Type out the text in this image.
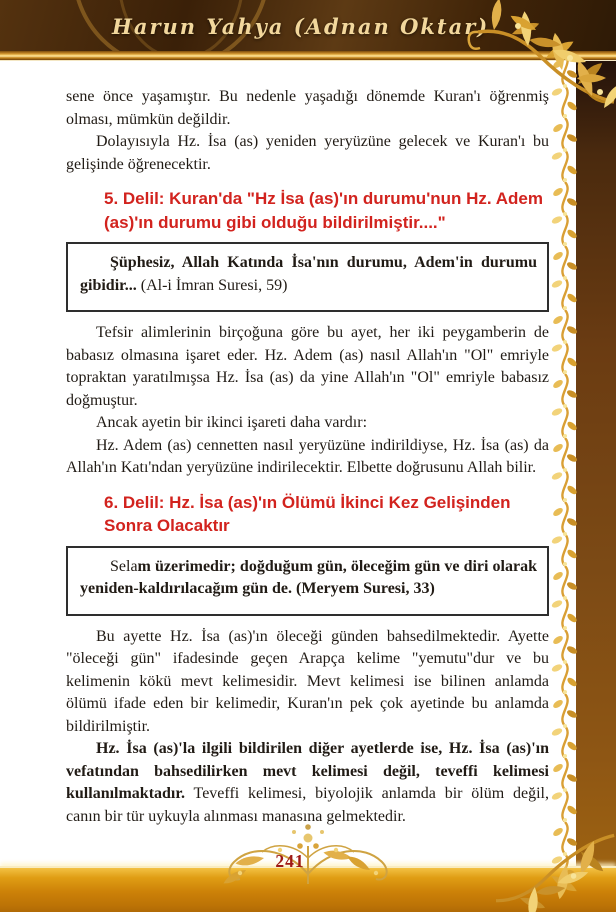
Harun Yahya (Adnan Oktar)
241

sene önce yaşamıştır. Bu nedenle yaşadığı dönemde Kuran'ı öğrenmiş olması, mümkün değildir.

Dolayısıyla Hz. İsa (as) yeniden yeryüzüne gelecek ve Kuran'ı bu gelişinde öğrenecektir.

5. Delil: Kuran'da "Hz İsa (as)'ın durumu'nun Hz. Adem (as)'ın durumu gibi olduğu bildirilmiştir...."

Şüphesiz, Allah Katında İsa'nın durumu, Adem'in durumu gibidir... (Al-i İmran Suresi, 59)

Tefsir alimlerinin birçoğuna göre bu ayet, her iki peygamberin de babasız olmasına işaret eder. Hz. Adem (as) nasıl Allah'ın "Ol" emriyle topraktan yaratılmışsa Hz. İsa (as) da yine Allah'ın "Ol" emriyle babasız doğmuştur.

Ancak ayetin bir ikinci işareti daha vardır:

Hz. Adem (as) cennetten nasıl yeryüzüne indirildiyse, Hz. İsa (as) da Allah'ın Katı'ndan yeryüzüne indirilecektir. Elbette doğrusunu Allah bilir.

6. Delil: Hz. İsa (as)'ın Ölümü İkinci Kez Gelişinden Sonra Olacaktır

Selam üzerimedir; doğduğum gün, öleceğim gün ve diri olarak yeniden-kaldırılacağım gün de. (Meryem Suresi, 33)

Bu ayette Hz. İsa (as)'ın öleceği günden bahsedilmektedir. Ayette "öleceği gün" ifadesinde geçen Arapça kelime "yemutu"dur ve bu kelimenin kökü mevt kelimesidir. Mevt kelimesi ise bilinen anlamda ölümü ifade eden bir kelimedir, Kuran'ın pek çok ayetinde bu anlamda bildirilmiştir.

Hz. İsa (as)'la ilgili bildirilen diğer ayetlerde ise, Hz. İsa (as)'ın vefatından bahsedilirken mevt kelimesi değil, teveffi kelimesi kullanılmaktadır. Teveffi kelimesi, biyolojik anlamda bir ölüm değil, canın bir tür uykuyla alınması manasına gelmektedir.
